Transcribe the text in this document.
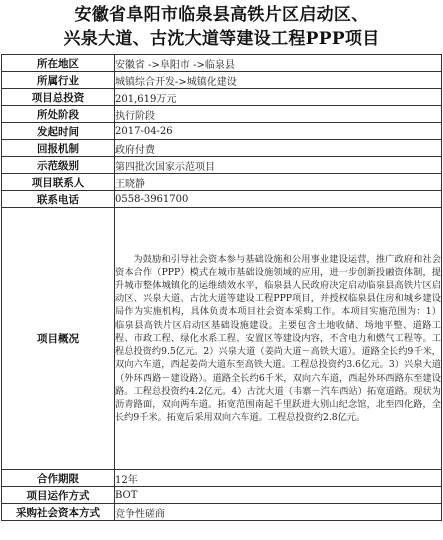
安徽省阜阳市临泉县高铁片区启动区、
兴泉大道、古沈大道等建设工程PPP项目
所在地区	安徽省 ->阜阳市 ->临泉县
所属行业	城镇综合开发->城镇化建设
项目总投资	201,619万元
所处阶段	执行阶段
发起时间	2017-04-26
回报机制	政府付费
示范级别	第四批次国家示范项目
项目联系人	王晓静
联系电话	0558-3961700
项目概况	为鼓励和引导社会资本参与基础设施和公用事业建设运营，推广政府和社会资本合作（PPP）模式在城市基础设施领域的应用，进一步创新投融资体制，提升城市整体城镇化的运维绩效水平，临泉县人民政府决定启动临泉县高铁片区启动区、兴泉大道、古沈大道等建设工程PPP项目，并授权临泉县住房和城乡建设局作为实施机构，具体负责本项目社会资本采购工作。本项目实施范围为：1）临泉县高铁片区启动区基础设施建设。主要包含土地收储、场地平整、道路工程、市政工程、绿化水系工程、安置区等建设内容，不含电力和燃气工程等。工程总投资约9.5亿元。2）兴泉大道（姜尚大道－高铁大道）。道路全长约9千米，双向六车道，西起姜尚大道东至高铁大道。工程总投资约3.6亿元。3）兴泉大道（外环西路－建设路）。道路全长约6千米，双向六车道，西起外环西路东至建设路。工程总投资约4.2亿元。4）古沈大道（韦寨－汽车西站）拓宽道路。现状为沥青路面，双向两车道。拓宽范围南起千里跃进大别山纪念馆，北至四化路，全长约9千米。拓宽后采用双向六车道。工程总投资约2.8亿元。
合作期限	12年
项目运作方式	BOT
采购社会资本方式	竞争性磋商
